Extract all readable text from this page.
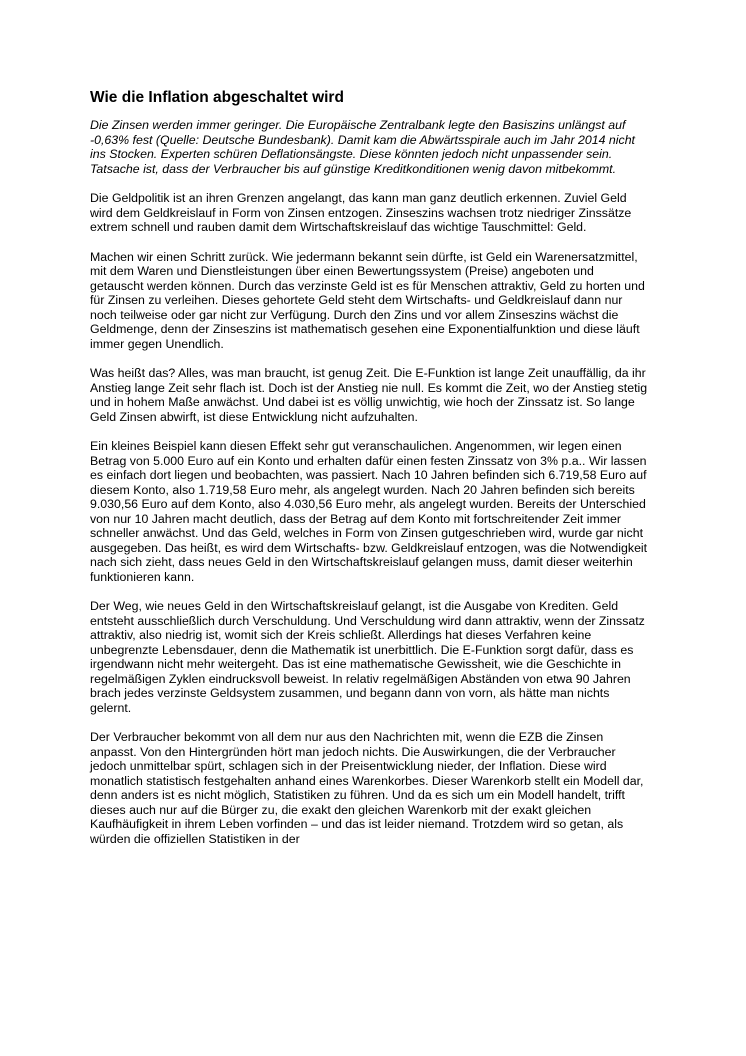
Wie die Inflation abgeschaltet wird

Die Zinsen werden immer geringer. Die Europäische Zentralbank legte den Basiszins unlängst auf -0,63% fest (Quelle: Deutsche Bundesbank). Damit kam die Abwärtsspirale auch im Jahr 2014 nicht ins Stocken. Experten schüren Deflationsängste. Diese könnten jedoch nicht unpassender sein. Tatsache ist, dass der Verbraucher bis auf günstige Kreditkonditionen wenig davon mitbekommt.

Die Geldpolitik ist an ihren Grenzen angelangt, das kann man ganz deutlich erkennen. Zuviel Geld wird dem Geldkreislauf in Form von Zinsen entzogen. Zinseszins wachsen trotz niedriger Zinssätze extrem schnell und rauben damit dem Wirtschaftskreislauf das wichtige Tauschmittel: Geld.

Machen wir einen Schritt zurück. Wie jedermann bekannt sein dürfte, ist Geld ein Warenersatzmittel, mit dem Waren und Dienstleistungen über einen Bewertungssystem (Preise) angeboten und getauscht werden können. Durch das verzinste Geld ist es für Menschen attraktiv, Geld zu horten und für Zinsen zu verleihen. Dieses gehortete Geld steht dem Wirtschafts- und Geldkreislauf dann nur noch teilweise oder gar nicht zur Verfügung. Durch den Zins und vor allem Zinseszins wächst die Geldmenge, denn der Zinseszins ist mathematisch gesehen eine Exponentialfunktion und diese läuft immer gegen Unendlich.

Was heißt das? Alles, was man braucht, ist genug Zeit. Die E-Funktion ist lange Zeit unauffällig, da ihr Anstieg lange Zeit sehr flach ist. Doch ist der Anstieg nie null. Es kommt die Zeit, wo der Anstieg stetig und in hohem Maße anwächst. Und dabei ist es völlig unwichtig, wie hoch der Zinssatz ist. So lange Geld Zinsen abwirft, ist diese Entwicklung nicht aufzuhalten.

Ein kleines Beispiel kann diesen Effekt sehr gut veranschaulichen. Angenommen, wir legen einen Betrag von 5.000 Euro auf ein Konto und erhalten dafür einen festen Zinssatz von 3% p.a.. Wir lassen es einfach dort liegen und beobachten, was passiert. Nach 10 Jahren befinden sich 6.719,58 Euro auf diesem Konto, also 1.719,58 Euro mehr, als angelegt wurden. Nach 20 Jahren befinden sich bereits 9.030,56 Euro auf dem Konto, also 4.030,56 Euro mehr, als angelegt wurden. Bereits der Unterschied von nur 10 Jahren macht deutlich, dass der Betrag auf dem Konto mit fortschreitender Zeit immer schneller anwächst. Und das Geld, welches in Form von Zinsen gutgeschrieben wird, wurde gar nicht ausgegeben. Das heißt, es wird dem Wirtschafts- bzw. Geldkreislauf entzogen, was die Notwendigkeit nach sich zieht, dass neues Geld in den Wirtschaftskreislauf gelangen muss, damit dieser weiterhin funktionieren kann.

Der Weg, wie neues Geld in den Wirtschaftskreislauf gelangt, ist die Ausgabe von Krediten. Geld entsteht ausschließlich durch Verschuldung. Und Verschuldung wird dann attraktiv, wenn der Zinssatz attraktiv, also niedrig ist, womit sich der Kreis schließt. Allerdings hat dieses Verfahren keine unbegrenzte Lebensdauer, denn die Mathematik ist unerbittlich. Die E-Funktion sorgt dafür, dass es irgendwann nicht mehr weitergeht. Das ist eine mathematische Gewissheit, wie die Geschichte in regelmäßigen Zyklen eindrucksvoll beweist. In relativ regelmäßigen Abständen von etwa 90 Jahren brach jedes verzinste Geldsystem zusammen, und begann dann von vorn, als hätte man nichts gelernt.

Der Verbraucher bekommt von all dem nur aus den Nachrichten mit, wenn die EZB die Zinsen anpasst. Von den Hintergründen hört man jedoch nichts. Die Auswirkungen, die der Verbraucher jedoch unmittelbar spürt, schlagen sich in der Preisentwicklung nieder, der Inflation. Diese wird monatlich statistisch festgehalten anhand eines Warenkorbes. Dieser Warenkorb stellt ein Modell dar, denn anders ist es nicht möglich, Statistiken zu führen. Und da es sich um ein Modell handelt, trifft dieses auch nur auf die Bürger zu, die exakt den gleichen Warenkorb mit der exakt gleichen Kaufhäufigkeit in ihrem Leben vorfinden – und das ist leider niemand. Trotzdem wird so getan, als würden die offiziellen Statistiken in der
